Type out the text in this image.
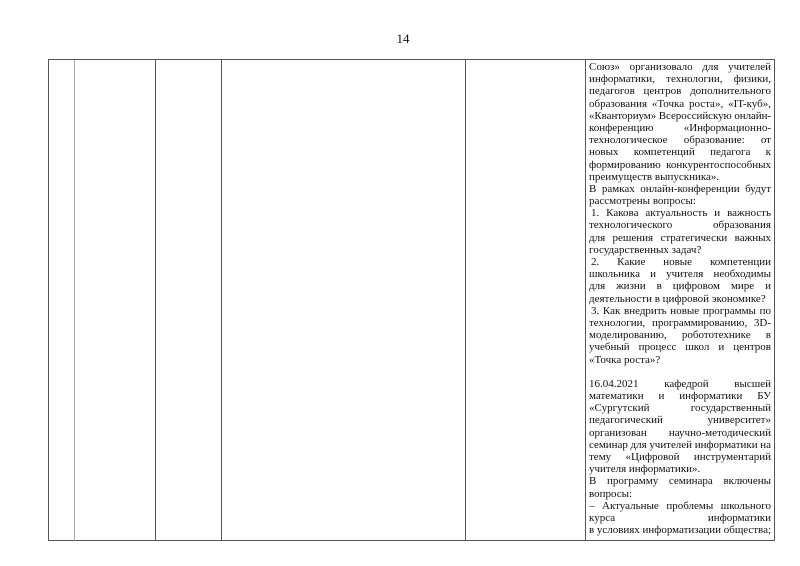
14
Союз» организовало для учителей
информатики, технологии, физики,
педагогов центров дополнительного
образования «Точка роста», «IT-куб»,
«Кванториум» Всероссийскую онлайн-
конференцию «Информационно-
технологическое образование: от
новых компетенций педагога к
формированию конкурентоспособных
преимуществ выпускника».
В рамках онлайн-конференции будут
рассмотрены вопросы:
1. Какова актуальность и важность
технологического образования
для решения стратегически важных
государственных задач?
2. Какие новые компетенции
школьника и учителя необходимы
для жизни в цифровом мире и
деятельности в цифровой экономике?
3. Как внедрить новые программы по
технологии, программированию, 3D-
моделированию, робототехнике в
учебный процесс школ и центров
«Точка роста»?

16.04.2021 кафедрой высшей
математики и информатики БУ
«Сургутский государственный
педагогический университет»
организован научно-методический
семинар для учителей информатики на
тему «Цифровой инструментарий
учителя информатики».
В программу семинара включены
вопросы:
– Актуальные проблемы школьного
курса информатики
в условиях информатизации общества;
